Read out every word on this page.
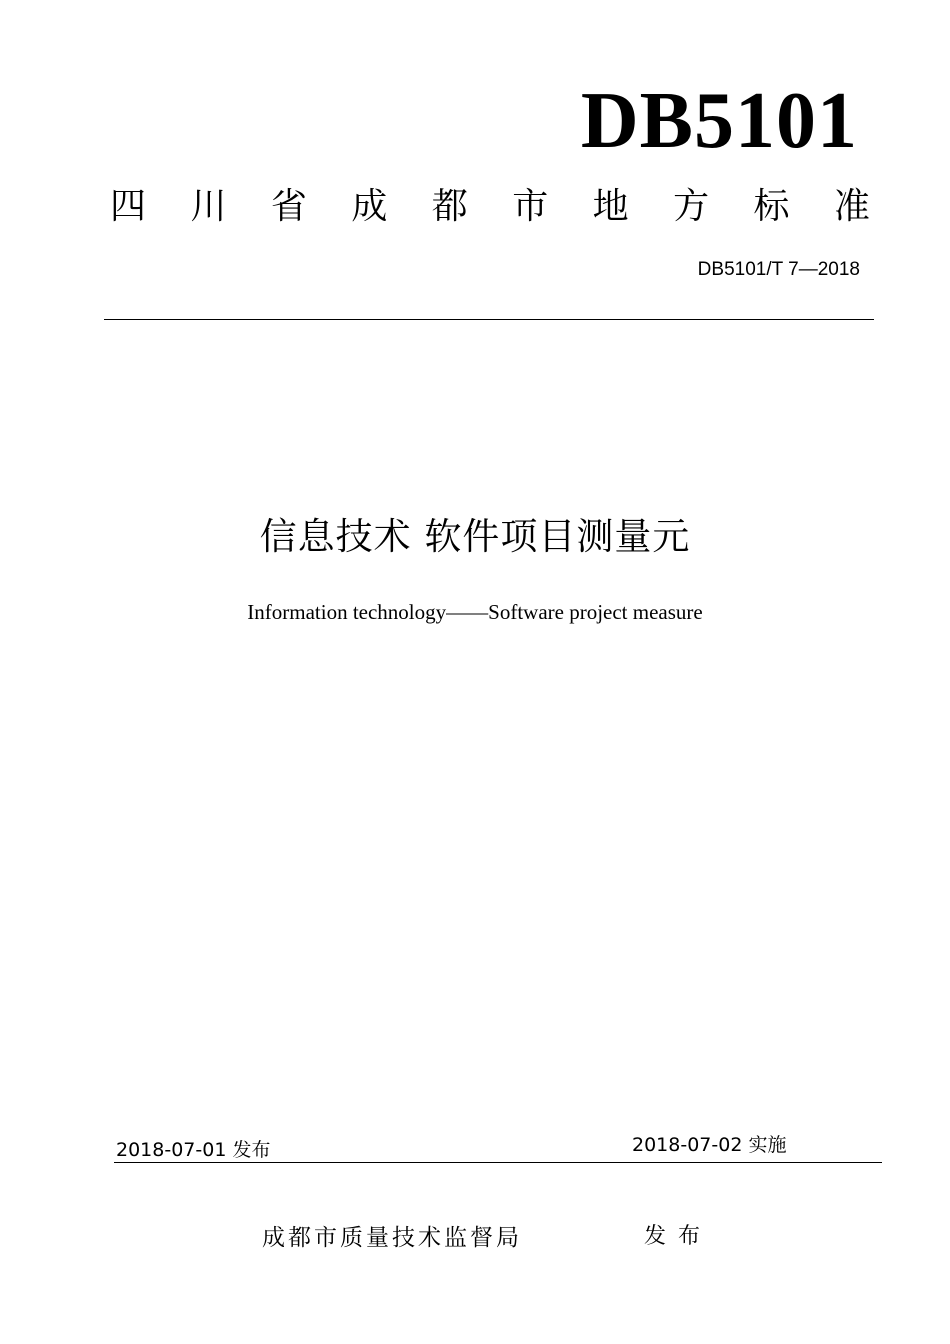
DB5101
四 川 省 成 都 市 地 方 标 准
DB5101/T 7—2018
信息技术 软件项目测量元
Information technology——Software project measure
2018-07-01 发布	2018-07-02 实施
成都市质量技术监督局	发布
